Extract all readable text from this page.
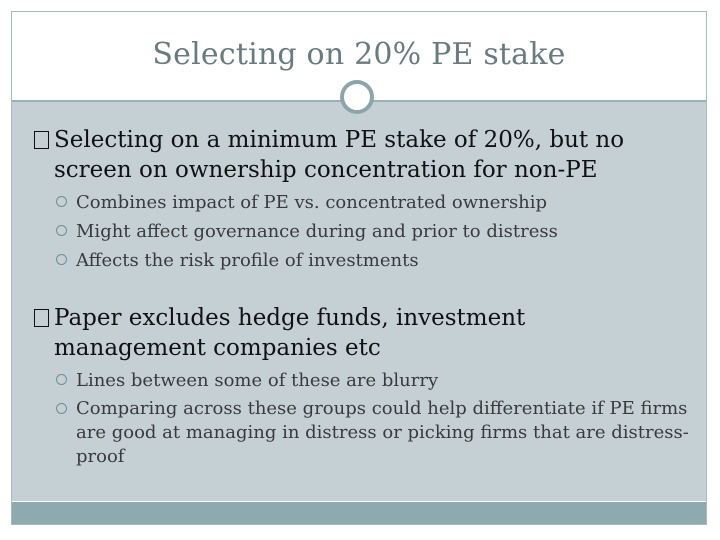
Selecting on 20% PE stake
Selecting on a minimum PE stake of 20%, but no
screen on ownership concentration for non-PE
Combines impact of PE vs. concentrated ownership
Might affect governance during and prior to distress
Affects the risk profile of investments
Paper excludes hedge funds, investment
management companies etc
Lines between some of these are blurry
Comparing across these groups could help differentiate if PE firms are good at managing in distress or picking firms that are distress-proof
